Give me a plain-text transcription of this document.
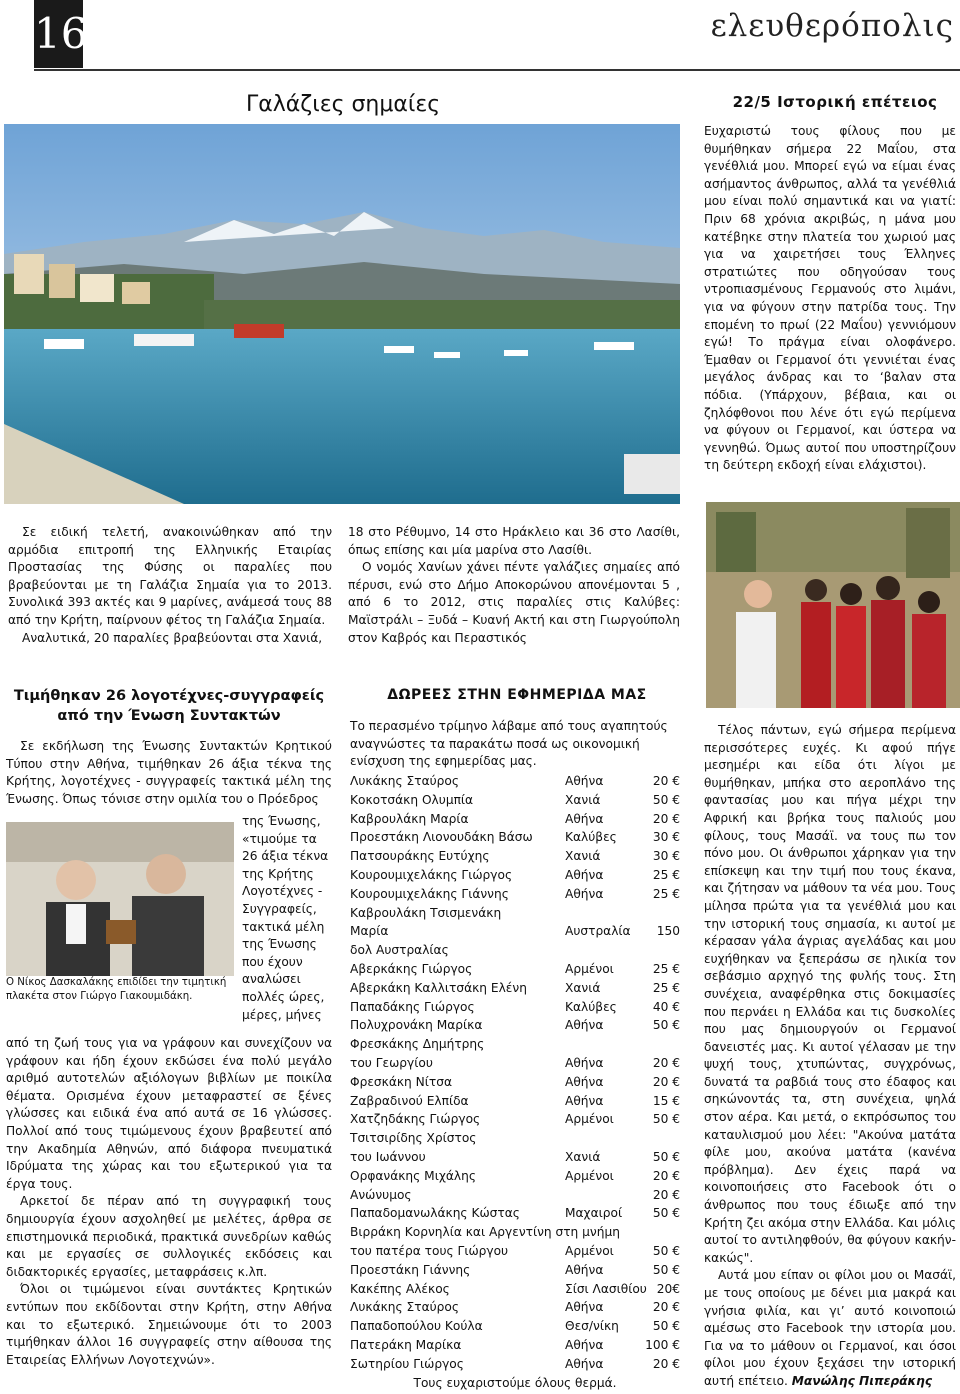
16	ελευθερόπολις
Γαλάζιες σημαίες

Σε ειδική τελετή, ανακοινώθηκαν από την αρμόδια επιτροπή της Ελληνικής Εταιρίας Προστασίας της Φύσης οι παραλίες που βραβεύονται με τη Γαλάζια Σημαία για το 2013. Συνολικά 393 ακτές και 9 μαρίνες, ανάμεσά τους 88 από την Κρήτη, παίρνουν φέτος τη Γαλάζια Σημαία.

Αναλυτικά, 20 παραλίες βραβεύονται στα Χανιά,

18 στο Ρέθυμνο, 14 στο Ηράκλειο και 36 στο Λασίθι, όπως επίσης και μία μαρίνα στο Λασίθι.

Ο νομός Χανίων χάνει πέντε γαλάζιες σημαίες από πέρυσι, ενώ στο Δήμο Αποκορώνου απονέμονται 5 , από 6 το 2012, στις παραλίες στις Καλύβες: Μαϊστράλι – Ξυδά – Κυανή Ακτή και στη Γιωργούπολη στον Καβρός και Περαστικός

22/5 Ιστορική επέτειος

Ευχαριστώ τους φίλους που με θυμήθηκαν σήμερα 22 Μαΐου, στα γενέθλιά μου. Μπορεί εγώ να είμαι ένας ασήμαντος άνθρωπος, αλλά τα γενέθλιά μου είναι πολύ σημαντικά και να γιατί: Πριν 68 χρόνια ακριβώς, η μάνα μου κατέβηκε στην πλατεία του χωριού μας για να χαιρετήσει τους Έλληνες στρατιώτες που οδηγούσαν τους ντροπιασμένους Γερμανούς στο λιμάνι, για να φύγουν στην πατρίδα τους. Την επομένη το πρωί (22 Μαΐου) γεννιόμουν εγώ! Το πράγμα είναι ολοφάνερο. Έμαθαν οι Γερμανοί ότι γεννιέται ένας μεγάλος άνδρας και το ‘βαλαν στα πόδια. (Υπάρχουν, βέβαια, και οι ζηλόφθονοι που λένε ότι εγώ περίμενα να φύγουν οι Γερμανοί, και ύστερα να γεννηθώ. Όμως αυτοί που υποστηρίζουν τη δεύτερη εκδοχή είναι ελάχιστοι).

Τέλος πάντων, εγώ σήμερα περίμενα περισσότερες ευχές. Κι αφού πήγε μεσημέρι και είδα ότι λίγοι με θυμήθηκαν, μπήκα στο αεροπλάνο της φαντασίας μου και πήγα μέχρι την Αφρική και βρήκα τους παλιούς μου φίλους, τους Μασάϊ. να τους πω τον πόνο μου. Οι άνθρωποι χάρηκαν για την επίσκεψη και την τιμή που τους έκανα, και ζήτησαν να μάθουν τα νέα μου. Τους μίλησα πρώτα για τα γενέθλιά μου και την ιστορική τους σημασία, κι αυτοί με κέρασαν γάλα άγριας αγελάδας και μου ευχήθηκαν να ξεπεράσω σε ηλικία τον σεβάσμιο αρχηγό της φυλής τους. Στη συνέχεια, αναφέρθηκα στις δοκιμασίες που περνάει η Ελλάδα και τις δυσκολίες που μας δημιουργούν οι Γερμανοί δανειστές μας. Κι αυτοί γέλασαν με την ψυχή τους, χτυπώντας, συγχρόνως, δυνατά τα ραβδιά τους στο έδαφος και σηκώνοντάς τα, στη συνέχεια, ψηλά στον αέρα. Και μετά, ο εκπρόσωπος του καταυλισμού μου λέει: "Ακούνα ματάτα φίλε μου, ακούνα ματάτα (κανένα πρόβλημα). Δεν έχεις παρά να κοινοποιήσεις στο Facebook ότι ο άνθρωπος που τους έδιωξε από την Κρήτη ζει ακόμα στην Ελλάδα. Και μόλις αυτοί το αντιληφθούν, θα φύγουν κακήν-κακώς".

Αυτά μου είπαν οι φίλοι μου οι Μασάϊ, με τους οποίους με δένει μια μακρά και γνήσια φιλία, και γι’ αυτό κοινοποιώ αμέσως στο Facebook την ιστορία μου. Για να το μάθουν οι Γερμανοί, και όσοι φίλοι μου έχουν ξεχάσει την ιστορική αυτή επέτειο. Μανώλης Πιπεράκης

Τιμήθηκαν 26 λογοτέχνες-συγγραφείς
από την Ένωση Συντακτών

Σε εκδήλωση της Ένωσης Συντακτών Κρητικού Τύπου στην Αθήνα, τιμήθηκαν 26 άξια τέκνα της Κρήτης, λογοτέχνες - συγγραφείς τακτικά μέλη της Ένωσης. Όπως τόνισε στην ομιλία του ο Πρόεδρος

Ο Νίκος Δασκαλάκης επιδίδει την τιμητική πλακέτα στον Γιώργο Γιακουμιδάκη.
της Ένωσης,
«τιμούμε τα
26 άξια τέκνα
της Κρήτης
Λογοτέχνες -
Συγγραφείς,
τακτικά μέλη
της Ένωσης
που έχουν
αναλώσει
πολλές ώρες,
μέρες, μήνες

από τη ζωή τους για να γράφουν και συνεχίζουν να γράφουν και ήδη έχουν εκδώσει ένα πολύ μεγάλο αριθμό αυτοτελών αξιόλογων βιβλίων με ποικίλα θέματα. Ορισμένα έχουν μεταφραστεί σε ξένες γλώσσες και ειδικά ένα από αυτά σε 16 γλώσσες. Πολλοί από τους τιμώμενους έχουν βραβευτεί από την Ακαδημία Αθηνών, από διάφορα πνευματικά Ιδρύματα της χώρας και του εξωτερικού για τα έργα τους.

Αρκετοί δε πέραν από τη συγγραφική τους δημιουργία έχουν ασχοληθεί με μελέτες, άρθρα σε επιστημονικά περιοδικά, πρακτικά συνεδρίων καθώς και με εργασίες σε συλλογικές εκδόσεις και διδακτορικές εργασίες, μεταφράσεις κ.λπ.

Όλοι οι τιμώμενοι είναι συντάκτες Κρητικών εντύπων που εκδίδονται στην Κρήτη, στην Αθήνα και το εξωτερικό. Σημειώνουμε ότι το 2003 τιμήθηκαν άλλοι 16 συγγραφείς στην αίθουσα της Εταιρείας Ελλήνων Λογοτεχνών».

ΔΩΡΕΕΣ ΣΤΗΝ ΕΦΗΜΕΡΙΔΑ ΜΑΣ
Το περασμένο τρίμηνο λάβαμε από τους αγαπητούς αναγνώστες τα παρακάτω ποσά ως οικονομική ενίσχυση της εφημερίδας μας.
Λυκάκης Σταύρος	Αθήνα	20 €
Κοκοτσάκη Ολυμπία	Χανιά	50 €
Καβρουλάκη Μαρία	Αθήνα	20 €
Προεστάκη Λιονουδάκη Βάσω	Καλύβες	30 €
Πατσουράκης Ευτύχης	Χανιά	30 €
Κουρουμιχελάκης Γιώργος	Αθήνα	25 €
Κουρουμιχελάκης Γιάννης	Αθήνα	25 €
Καβρουλάκη Τσισμενάκη
Μαρία	Αυστραλία 150
δολ Αυστραλίας
Αβερκάκης Γιώργος	Αρμένοι	25 €
Αβερκάκη Καλλιτσάκη Ελένη	Χανιά	25 €
Παπαδάκης Γιώργος	Καλύβες	40 €
Πολυχρονάκη Μαρίκα	Αθήνα	50 €
Φρεσκάκης Δημήτρης
του Γεωργίου	Αθήνα	20 €
Φρεσκάκη Νίτσα	Αθήνα	20 €
Ζαβραδινού Ελπίδα	Αθήνα	15 €
Χατζηδάκης Γιώργος	Αρμένοι	50 €
Τσιτσιρίδης Χρίστος
του Ιωάννου	Χανιά	50 €
Ορφανάκης Μιχάλης	Αρμένοι	20 €
Ανώνυμος	20 €
Παπαδομανωλάκης Κώστας	Μαχαιροί	50 €
Βιρράκη Κορνηλία και Αργεντίνη στη μνήμη
του πατέρα τους Γιώργου	Αρμένοι	50 €
Προεστάκη Γιάννης	Αθήνα	50 €
Κακέπης Αλέκος	Σίσι Λασιθίου 20€
Λυκάκης Σταύρος	Αθήνα	20 €
Παπαδοπούλου Κούλα	Θεσ/νίκη	50 €
Πατεράκη Μαρίκα	Αθήνα	100 €
Σωτηρίου Γιώργος	Αθήνα	20 €
Τους ευχαριστούμε όλους θερμά.
